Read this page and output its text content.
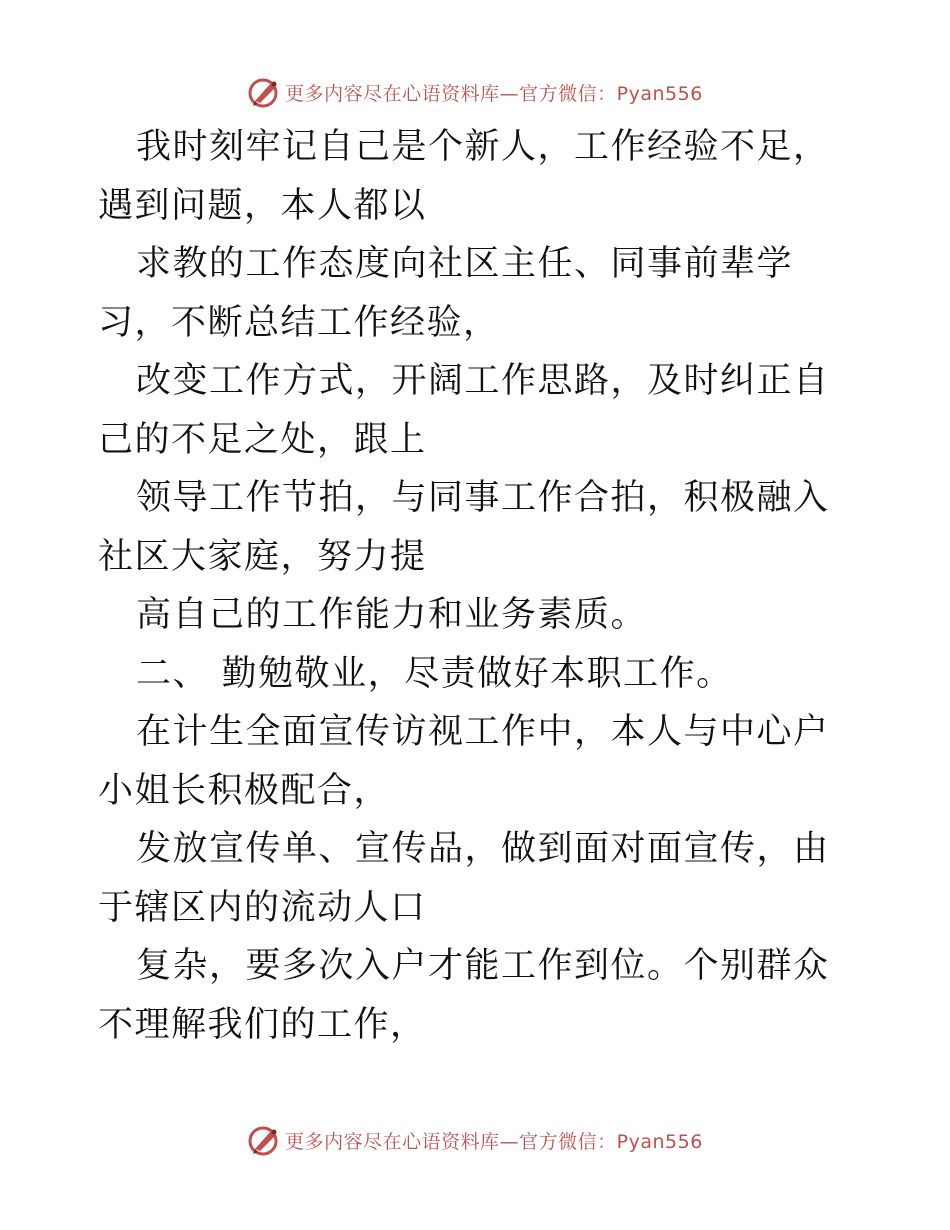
更多内容尽在心语资料库—官方微信：Pyan556

我时刻牢记自己是个新人，工作经验不足，遇到问题，本人都以

求教的工作态度向社区主任、同事前辈学习，不断总结工作经验，

改变工作方式，开阔工作思路，及时纠正自己的不足之处，跟上

领导工作节拍，与同事工作合拍，积极融入社区大家庭，努力提

高自己的工作能力和业务素质。

二、 勤勉敬业，尽责做好本职工作。

在计生全面宣传访视工作中，本人与中心户小姐长积极配合，

发放宣传单、宣传品，做到面对面宣传，由于辖区内的流动人口

复杂，要多次入户才能工作到位。个别群众不理解我们的工作，

更多内容尽在心语资料库—官方微信：Pyan556
